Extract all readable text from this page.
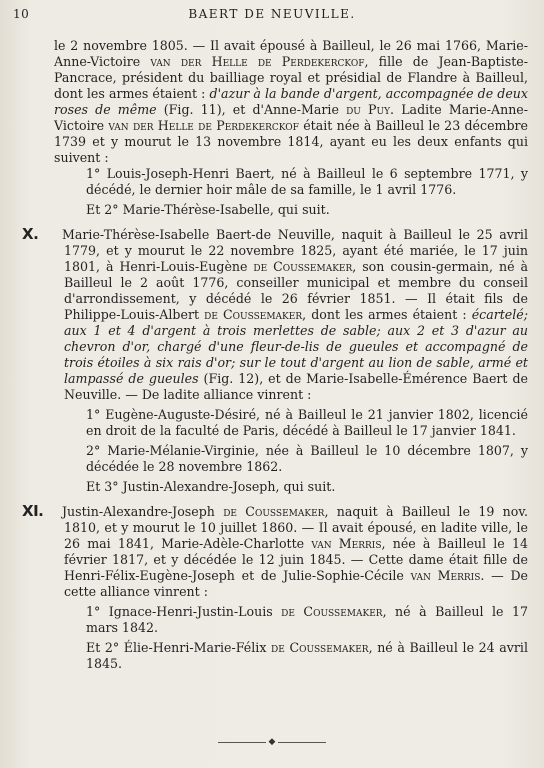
10	BAERT DE NEUVILLE.

le 2 novembre 1805. — Il avait épousé à Bailleul, le 26 mai 1766, Marie-Anne-Victoire van der Helle de Perdekerckof, fille de Jean-Baptiste-Pancrace, président du bailliage royal et présidial de Flandre à Bailleul, dont les armes étaient : d'azur à la bande d'argent, accompagnée de deux roses de même (Fig. 11), et d'Anne-Marie du Puy. Ladite Marie-Anne-Victoire van der Helle de Perdekerckof était née à Bailleul le 23 décembre 1739 et y mourut le 13 novembre 1814, ayant eu les deux enfants qui suivent :

1° Louis-Joseph-Henri Baert, né à Bailleul le 6 septembre 1771, y décédé, le dernier hoir mâle de sa famille, le 1 avril 1776.

Et 2° Marie-Thérèse-Isabelle, qui suit.

X. Marie-Thérèse-Isabelle Baert-de Neuville, naquit à Bailleul le 25 avril 1779, et y mourut le 22 novembre 1825, ayant été mariée, le 17 juin 1801, à Henri-Louis-Eugène de Coussemaker, son cousin-germain, né à Bailleul le 2 août 1776, conseiller municipal et membre du conseil d'arrondissement, y décédé le 26 février 1851. — Il était fils de Philippe-Louis-Albert de Coussemaker, dont les armes étaient : écartelé; aux 1 et 4 d'argent à trois merlettes de sable; aux 2 et 3 d'azur au chevron d'or, chargé d'une fleur-de-lis de gueules et accompagné de trois étoiles à six rais d'or; sur le tout d'argent au lion de sable, armé et lampassé de gueules (Fig. 12), et de Marie-Isabelle-Émérence Baert de Neuville. — De ladite alliance vinrent :

1° Eugène-Auguste-Désiré, né à Bailleul le 21 janvier 1802, licencié en droit de la faculté de Paris, décédé à Bailleul le 17 janvier 1841.

2° Marie-Mélanie-Virginie, née à Bailleul le 10 décembre 1807, y décédée le 28 novembre 1862.

Et 3° Justin-Alexandre-Joseph, qui suit.

XI. Justin-Alexandre-Joseph de Coussemaker, naquit à Bailleul le 19 nov. 1810, et y mourut le 10 juillet 1860. — Il avait épousé, en ladite ville, le 26 mai 1841, Marie-Adèle-Charlotte van Merris, née à Bailleul le 14 février 1817, et y décédée le 12 juin 1845. — Cette dame était fille de Henri-Félix-Eugène-Joseph et de Julie-Sophie-Cécile van Merris. — De cette alliance vinrent :

1° Ignace-Henri-Justin-Louis de Coussemaker, né à Bailleul le 17 mars 1842.

Et 2° Élie-Henri-Marie-Félix de Coussemaker, né à Bailleul le 24 avril 1845.

◆
